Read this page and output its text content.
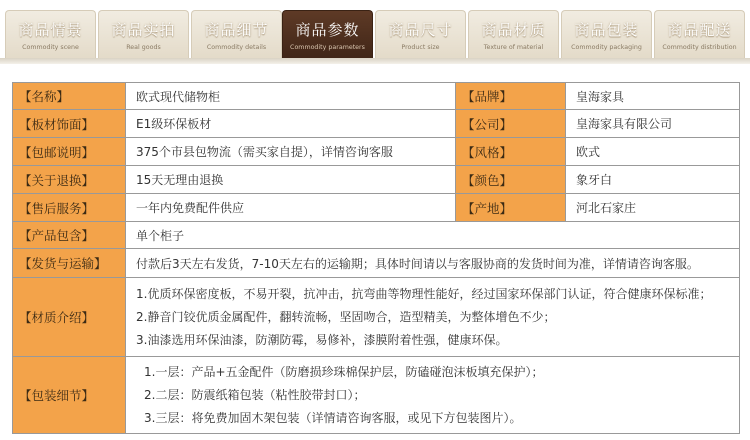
商品情景
Commodity scene
商品实拍
Real goods
商品细节
Commodity details
商品参数
Commodity parameters
商品尺寸
Product size
商品材质
Texture of material
商品包装
Commodity packaging
商品配送
Commodity distribution
【名称】	欧式现代储物柜	【品牌】	皇海家具
【板材饰面】	E1级环保板材	【公司】	皇海家具有限公司
【包邮说明】	375个市县包物流（需买家自提），详情咨询客服	【风格】	欧式
【关于退换】	15天无理由退换	【颜色】	象牙白
【售后服务】	一年内免费配件供应	【产地】	河北石家庄
【产品包含】	单个柜子
【发货与运输】	付款后3天左右发货，7-10天左右的运输期；具体时间请以与客服协商的发货时间为准，详情请咨询客服。
【材质介绍】
1.优质环保密度板，不易开裂，抗冲击，抗弯曲等物理性能好，经过国家环保部门认证，符合健康环保标准；
2.静音门铰优质金属配件，翻转流畅，坚固吻合，造型精美，为整体增色不少；
3.油漆选用环保油漆，防潮防霉，易修补，漆膜附着性强，健康环保。
【包装细节】
1.一层：产品+五金配件（防磨损珍珠棉保护层，防磕碰泡沫板填充保护）；
2.二层：防震纸箱包装（粘性胶带封口）；
3.三层：将免费加固木架包装（详情请咨询客服，或见下方包装图片）。
